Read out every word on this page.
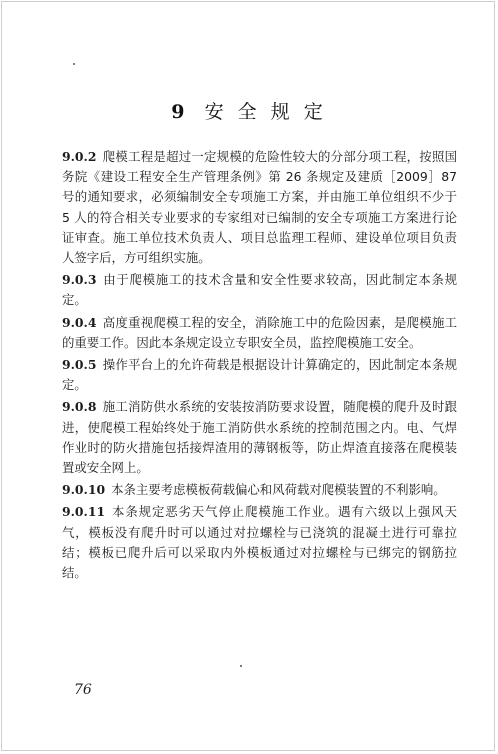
9 安 全 规 定

9.0.2 爬模工程是超过一定规模的危险性较大的分部分项工程，按照国务院《建设工程安全生产管理条例》第 26 条规定及建质［2009］87 号的通知要求，必须编制安全专项施工方案，并由施工单位组织不少于 5 人的符合相关专业要求的专家组对已编制的安全专项施工方案进行论证审查。施工单位技术负责人、项目总监理工程师、建设单位项目负责人签字后，方可组织实施。

9.0.3 由于爬模施工的技术含量和安全性要求较高，因此制定本条规定。

9.0.4 高度重视爬模工程的安全，消除施工中的危险因素，是爬模施工的重要工作。因此本条规定设立专职安全员，监控爬模施工安全。

9.0.5 操作平台上的允许荷载是根据设计计算确定的，因此制定本条规定。

9.0.8 施工消防供水系统的安装按消防要求设置，随爬模的爬升及时跟进，使爬模工程始终处于施工消防供水系统的控制范围之内。电、气焊作业时的防火措施包括接焊渣用的薄钢板等，防止焊渣直接落在爬模装置或安全网上。

9.0.10 本条主要考虑模板荷载偏心和风荷载对爬模装置的不利影响。

9.0.11 本条规定恶劣天气停止爬模施工作业。遇有六级以上强风天气，模板没有爬升时可以通过对拉螺栓与已浇筑的混凝土进行可靠拉结；模板已爬升后可以采取内外模板通过对拉螺栓与已绑完的钢筋拉结。

76
